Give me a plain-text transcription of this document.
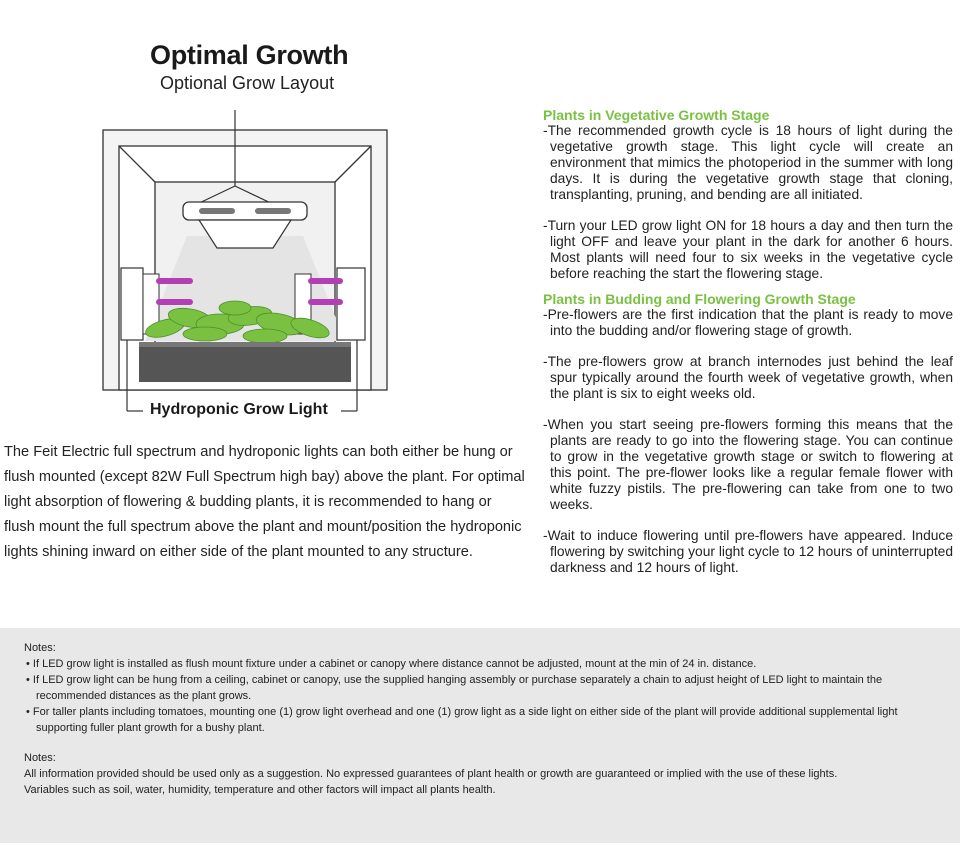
Optimal Growth
Optional Grow Layout
Hydroponic Grow Light
The Feit Electric full spectrum and hydroponic lights can both either be hung or flush mounted (except 82W Full Spectrum high bay) above the plant. For optimal light absorption of flowering & budding plants, it is recommended to hang or flush mount the full spectrum above the plant and mount/position the hydroponic lights shining inward on either side of the plant mounted to any structure.
Plants in Vegetative Growth Stage

-The recommended growth cycle is 18 hours of light during the vegetative growth stage. This light cycle will create an environment that mimics the photoperiod in the summer with long days. It is during the vegetative growth stage that cloning, transplanting, pruning, and bending are all initiated.

-Turn your LED grow light ON for 18 hours a day and then turn the light OFF and leave your plant in the dark for another 6 hours. Most plants will need four to six weeks in the vegetative cycle before reaching the start the flowering stage.

Plants in Budding and Flowering Growth Stage

-Pre-flowers are the first indication that the plant is ready to move into the budding and/or flowering stage of growth.

-The pre-flowers grow at branch internodes just behind the leaf spur typically around the fourth week of vegetative growth, when the plant is six to eight weeks old.

-When you start seeing pre-flowers forming this means that the plants are ready to go into the flowering stage. You can continue to grow in the vegetative growth stage or switch to flowering at this point. The pre-flower looks like a regular female flower with white fuzzy pistils. The pre-flowering can take from one to two weeks.

-Wait to induce flowering until pre-flowers have appeared. Induce flowering by switching your light cycle to 12 hours of uninterrupted darkness and 12 hours of light.

Notes:

• If LED grow light is installed as flush mount fixture under a cabinet or canopy where distance cannot be adjusted, mount at the min of 24 in. distance.
• If LED grow light can be hung from a ceiling, cabinet or canopy, use the supplied hanging assembly or purchase separately a chain to adjust height of LED light to maintain the recommended distances as the plant grows.
• For taller plants including tomatoes, mounting one (1) grow light overhead and one (1) grow light as a side light on either side of the plant will provide additional supplemental light supporting fuller plant growth for a bushy plant.

Notes:

All information provided should be used only as a suggestion. No expressed guarantees of plant health or growth are guaranteed or implied with the use of these lights.

Variables such as soil, water, humidity, temperature and other factors will impact all plants health.
